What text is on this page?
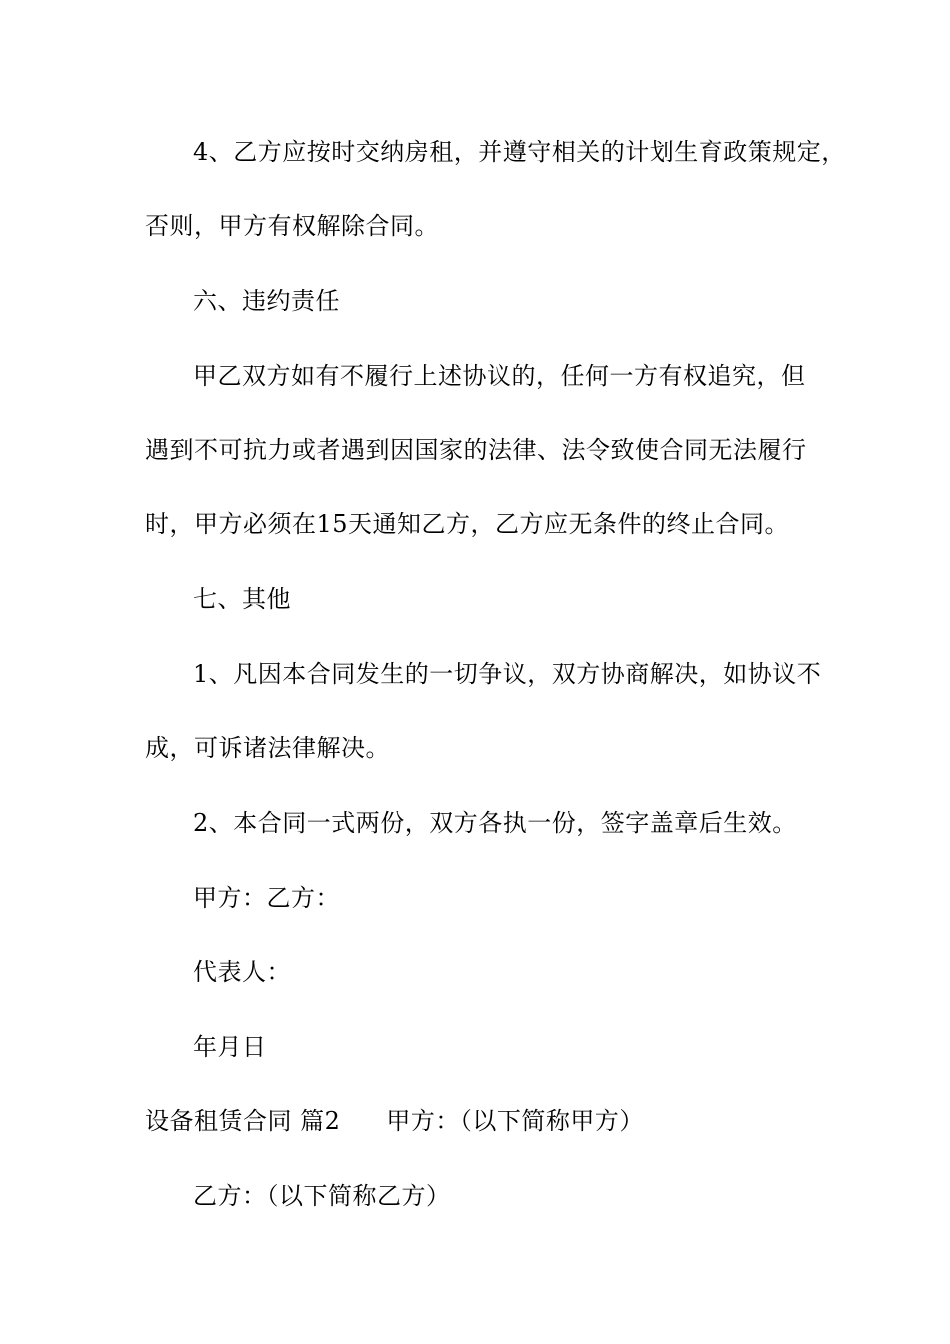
4、乙方应按时交纳房租，并遵守相关的计划生育政策规定，
否则，甲方有权解除合同。
六、违约责任
甲乙双方如有不履行上述协议的，任何一方有权追究，但
遇到不可抗力或者遇到因国家的法律、法令致使合同无法履行
时，甲方必须在15天通知乙方，乙方应无条件的终止合同。
七、其他
1、凡因本合同发生的一切争议，双方协商解决，如协议不
成，可诉诸法律解决。
2、本合同一式两份，双方各执一份，签字盖章后生效。
甲方：乙方：
代表人：
年月日
设备租赁合同 篇2 甲方：（以下简称甲方）
乙方：（以下简称乙方）
